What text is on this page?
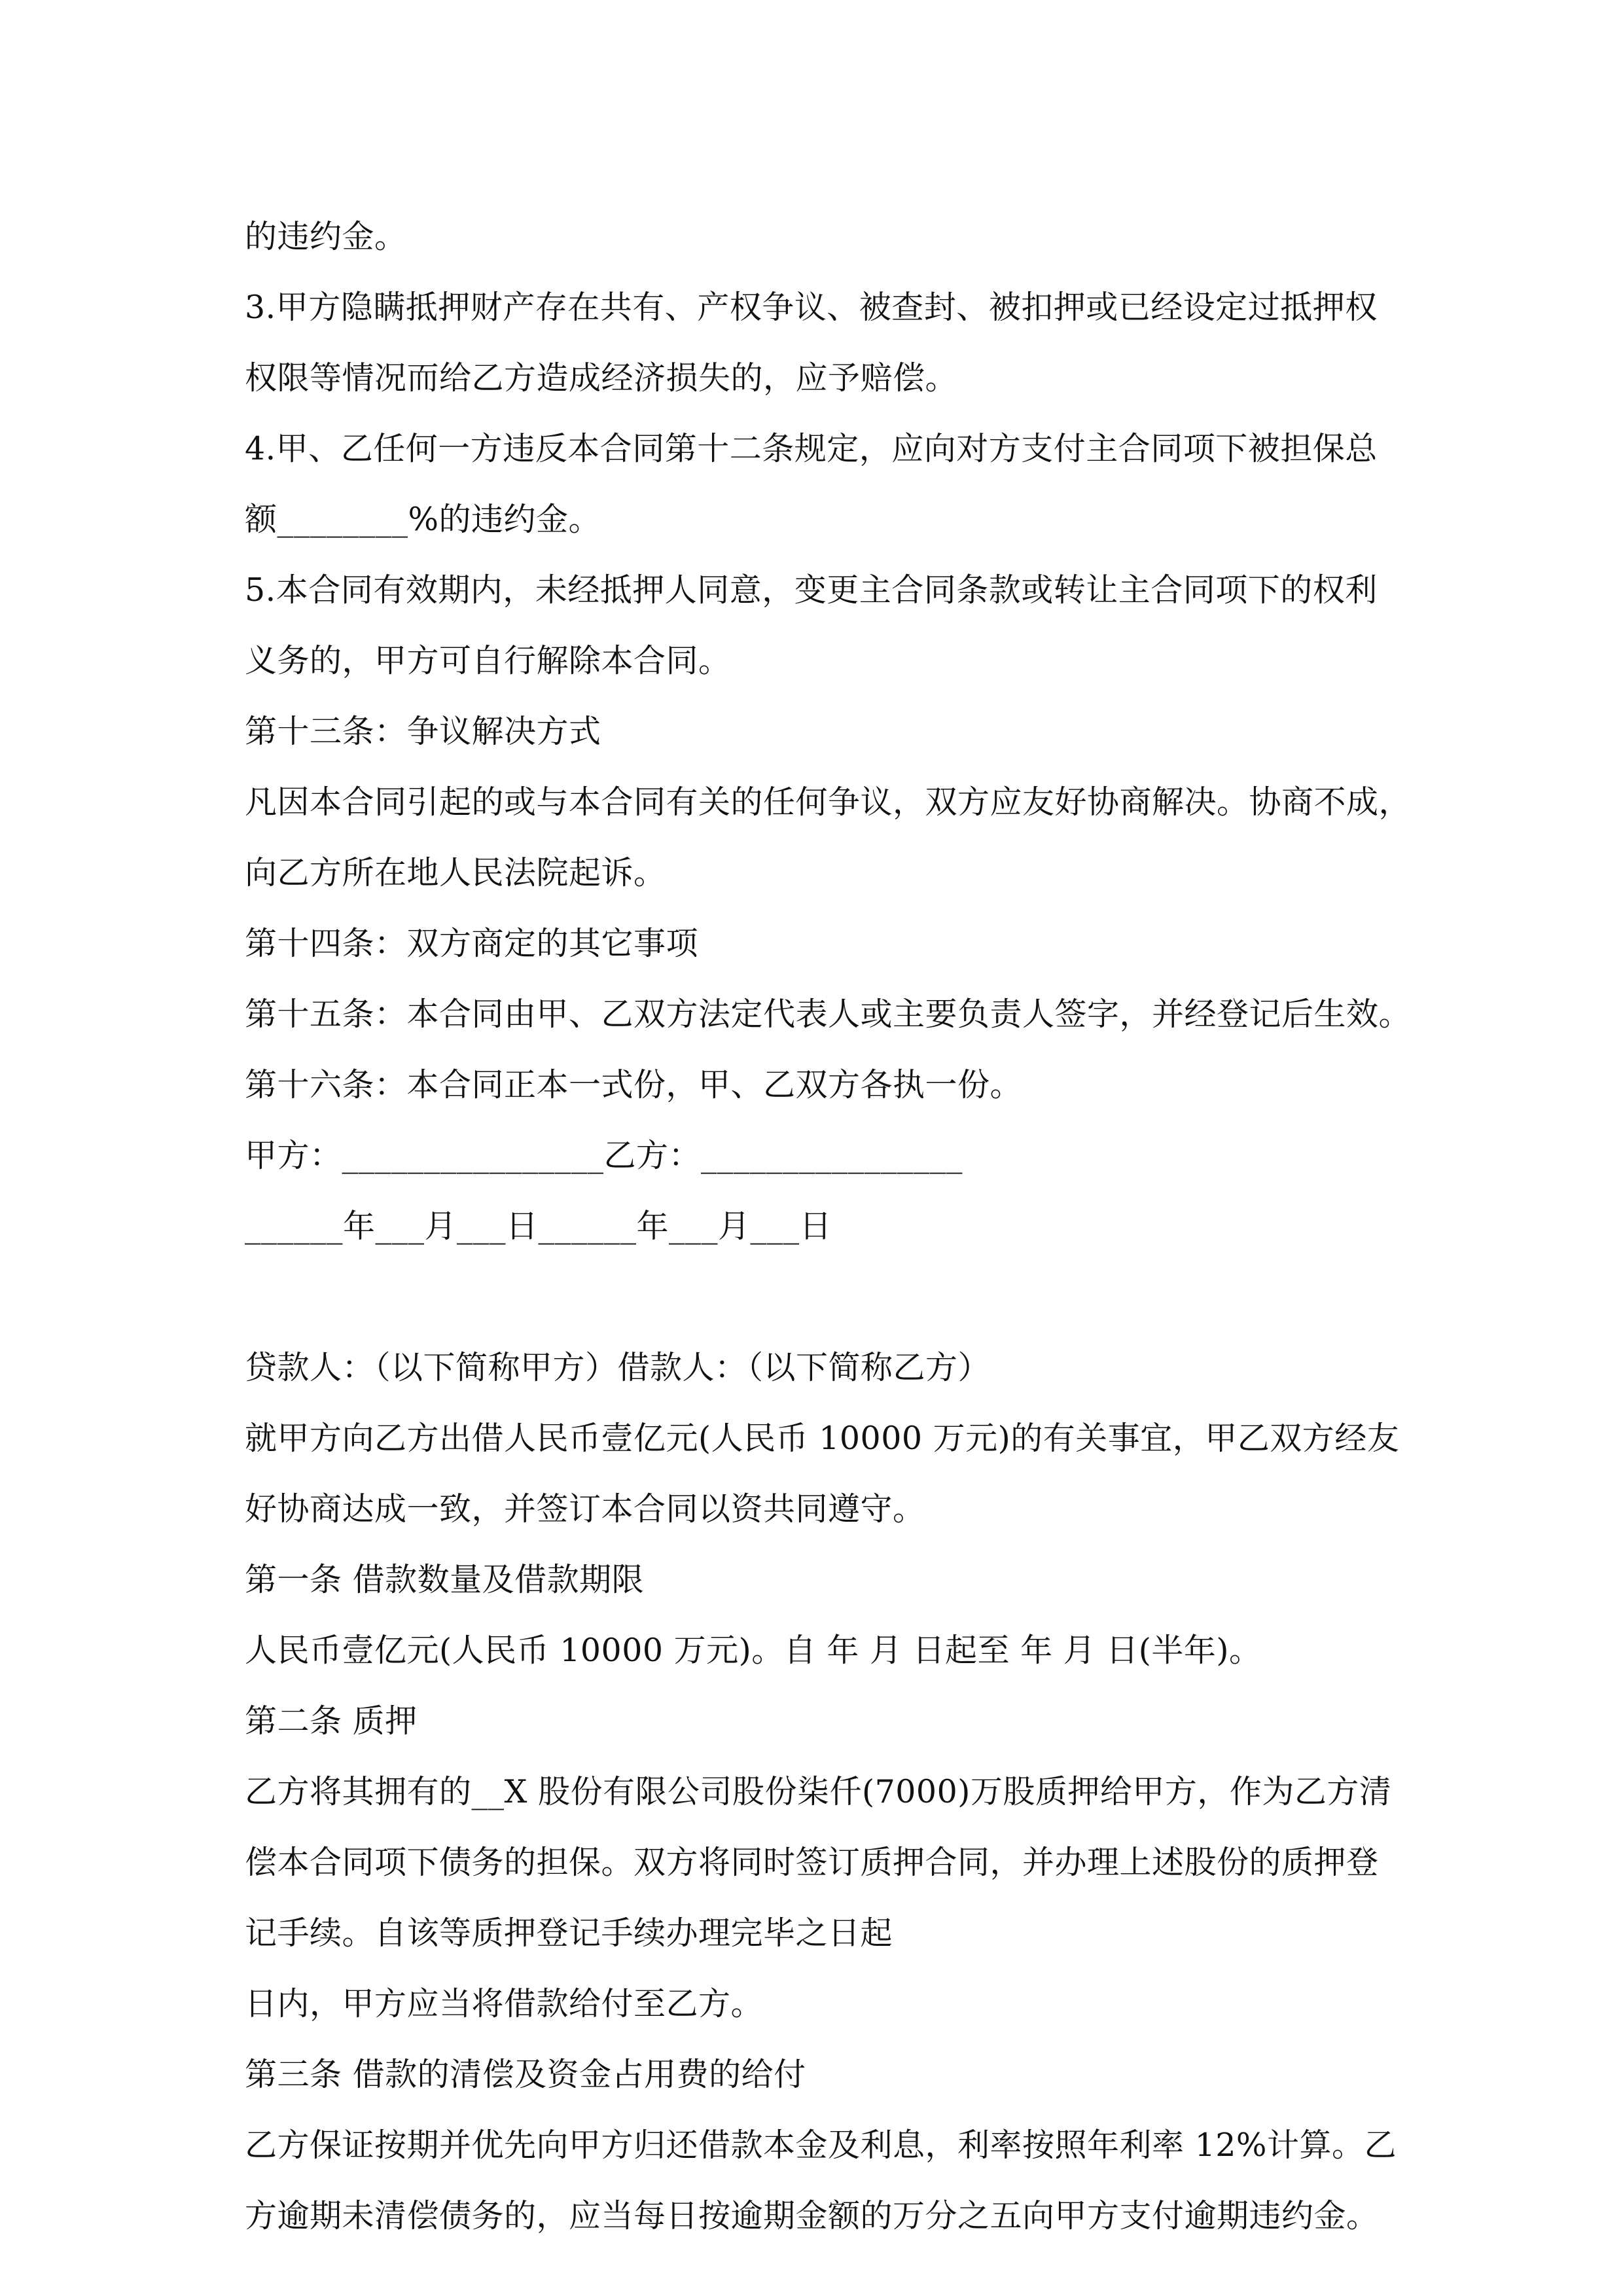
的违约金。
3.甲方隐瞒抵押财产存在共有、产权争议、被查封、被扣押或已经设定过抵押权
权限等情况而给乙方造成经济损失的，应予赔偿。
4.甲、乙任何一方违反本合同第十二条规定，应向对方支付主合同项下被担保总
额________%的违约金。
5.本合同有效期内，未经抵押人同意，变更主合同条款或转让主合同项下的权利
义务的，甲方可自行解除本合同。
第十三条：争议解决方式
凡因本合同引起的或与本合同有关的任何争议，双方应友好协商解决。协商不成，
向乙方所在地人民法院起诉。
第十四条：双方商定的其它事项
第十五条：本合同由甲、乙双方法定代表人或主要负责人签字，并经登记后生效。
第十六条：本合同正本一式份，甲、乙双方各执一份。
甲方：________________乙方：________________
______年___月___日______年___月___日
贷款人：（以下简称甲方）借款人：（以下简称乙方）
就甲方向乙方出借人民币壹亿元(人民币 10000 万元)的有关事宜，甲乙双方经友
好协商达成一致，并签订本合同以资共同遵守。
第一条 借款数量及借款期限
人民币壹亿元(人民币 10000 万元)。自 年 月 日起至 年 月 日(半年)。
第二条 质押
乙方将其拥有的__X 股份有限公司股份柒仟(7000)万股质押给甲方，作为乙方清
偿本合同项下债务的担保。双方将同时签订质押合同，并办理上述股份的质押登
记手续。自该等质押登记手续办理完毕之日起
日内，甲方应当将借款给付至乙方。
第三条 借款的清偿及资金占用费的给付
乙方保证按期并优先向甲方归还借款本金及利息，利率按照年利率 12%计算。乙
方逾期未清偿债务的，应当每日按逾期金额的万分之五向甲方支付逾期违约金。
